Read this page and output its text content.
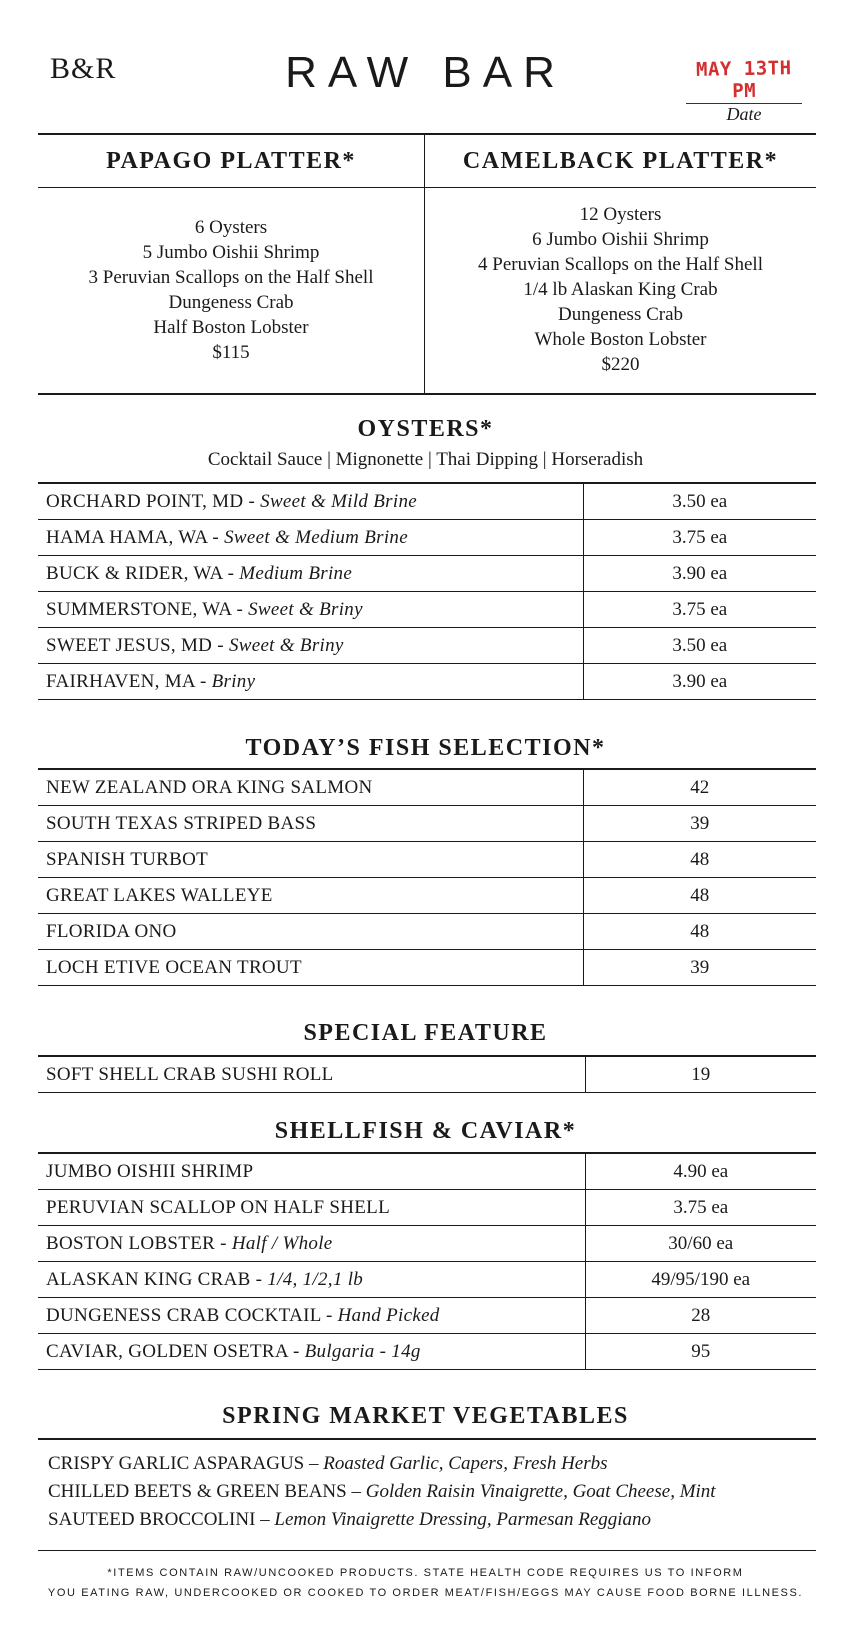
B&R	RAW BAR	MAY 13TH PM
Date
PAPAGO PLATTER*	CAMELBACK PLATTER*
6 Oysters
5 Jumbo Oishii Shrimp
3 Peruvian Scallops on the Half Shell
Dungeness Crab
Half Boston Lobster
$115
12 Oysters
6 Jumbo Oishii Shrimp
4 Peruvian Scallops on the Half Shell
1/4 lb Alaskan King Crab
Dungeness Crab
Whole Boston Lobster
$220
OYSTERS*
Cocktail Sauce | Mignonette | Thai Dipping | Horseradish
ORCHARD POINT, MD - Sweet & Mild Brine	3.50 ea
HAMA HAMA, WA - Sweet & Medium Brine	3.75 ea
BUCK & RIDER, WA - Medium Brine	3.90 ea
SUMMERSTONE, WA - Sweet & Briny	3.75 ea
SWEET JESUS, MD - Sweet & Briny	3.50 ea
FAIRHAVEN, MA - Briny	3.90 ea
TODAY’S FISH SELECTION*
NEW ZEALAND ORA KING SALMON	42
SOUTH TEXAS STRIPED BASS	39
SPANISH TURBOT	48
GREAT LAKES WALLEYE	48
FLORIDA ONO	48
LOCH ETIVE OCEAN TROUT	39
SPECIAL FEATURE
SOFT SHELL CRAB SUSHI ROLL	19
SHELLFISH & CAVIAR*
JUMBO OISHII SHRIMP	4.90 ea
PERUVIAN SCALLOP ON HALF SHELL	3.75 ea
BOSTON LOBSTER - Half / Whole	30/60 ea
ALASKAN KING CRAB - 1/4, 1/2,1 lb	49/95/190 ea
DUNGENESS CRAB COCKTAIL - Hand Picked	28
CAVIAR, GOLDEN OSETRA - Bulgaria - 14g	95
SPRING MARKET VEGETABLES
CRISPY GARLIC ASPARAGUS – Roasted Garlic, Capers, Fresh Herbs
CHILLED BEETS & GREEN BEANS – Golden Raisin Vinaigrette, Goat Cheese, Mint
SAUTEED BROCCOLINI – Lemon Vinaigrette Dressing, Parmesan Reggiano
*ITEMS CONTAIN RAW/UNCOOKED PRODUCTS. STATE HEALTH CODE REQUIRES US TO INFORM
YOU EATING RAW, UNDERCOOKED OR COOKED TO ORDER MEAT/FISH/EGGS MAY CAUSE FOOD BORNE ILLNESS.
